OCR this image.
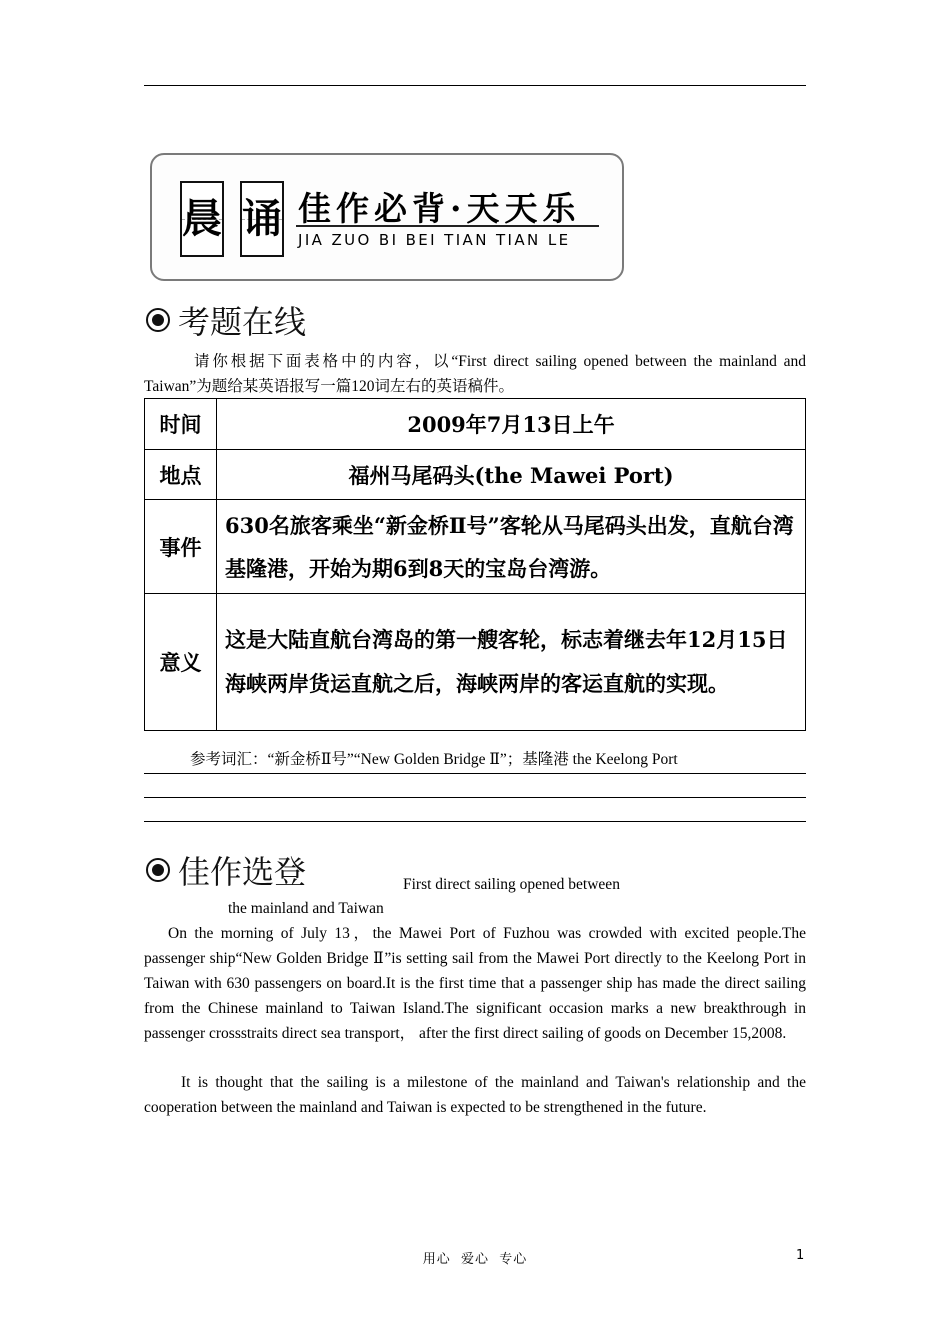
晨 诵 佳作必背·天天乐
JIA ZUO BI BEI TIAN TIAN LE
考题在线
请你根据下面表格中的内容，以“First direct sailing opened between the mainland and Taiwan”为题给某英语报写一篇120词左右的英语稿件。
时间	2009年7月13日上午
地点	福州马尾码头(the Mawei Port)
事件	630名旅客乘坐“新金桥Ⅱ号”客轮从马尾码头出发，直航台湾基隆港，开始为期6到8天的宝岛台湾游。
意义	这是大陆直航台湾岛的第一艘客轮，标志着继去年12月15日海峡两岸货运直航之后，海峡两岸的客运直航的实现。
参考词汇：“新金桥Ⅱ号”“New Golden Bridge Ⅱ”；基隆港 the Keelong Port
佳作选登	First direct sailing opened between
the mainland and Taiwan
On the morning of July 13，the Mawei Port of Fuzhou was crowded with excited people.The passenger ship“New Golden Bridge Ⅱ”is setting sail from the Mawei Port directly to the Keelong Port in Taiwan with 630 passengers on board.It is the first time that a passenger ship has made the direct sailing from the Chinese mainland to Taiwan Island.The significant occasion marks a new breakthrough in passenger crossstraits direct sea transport， after the first direct sailing of goods on December 15,2008.
It is thought that the sailing is a milestone of the mainland and Taiwan's relationship and the cooperation between the mainland and Taiwan is expected to be strengthened in the future.
用心  爱心  专心	1
